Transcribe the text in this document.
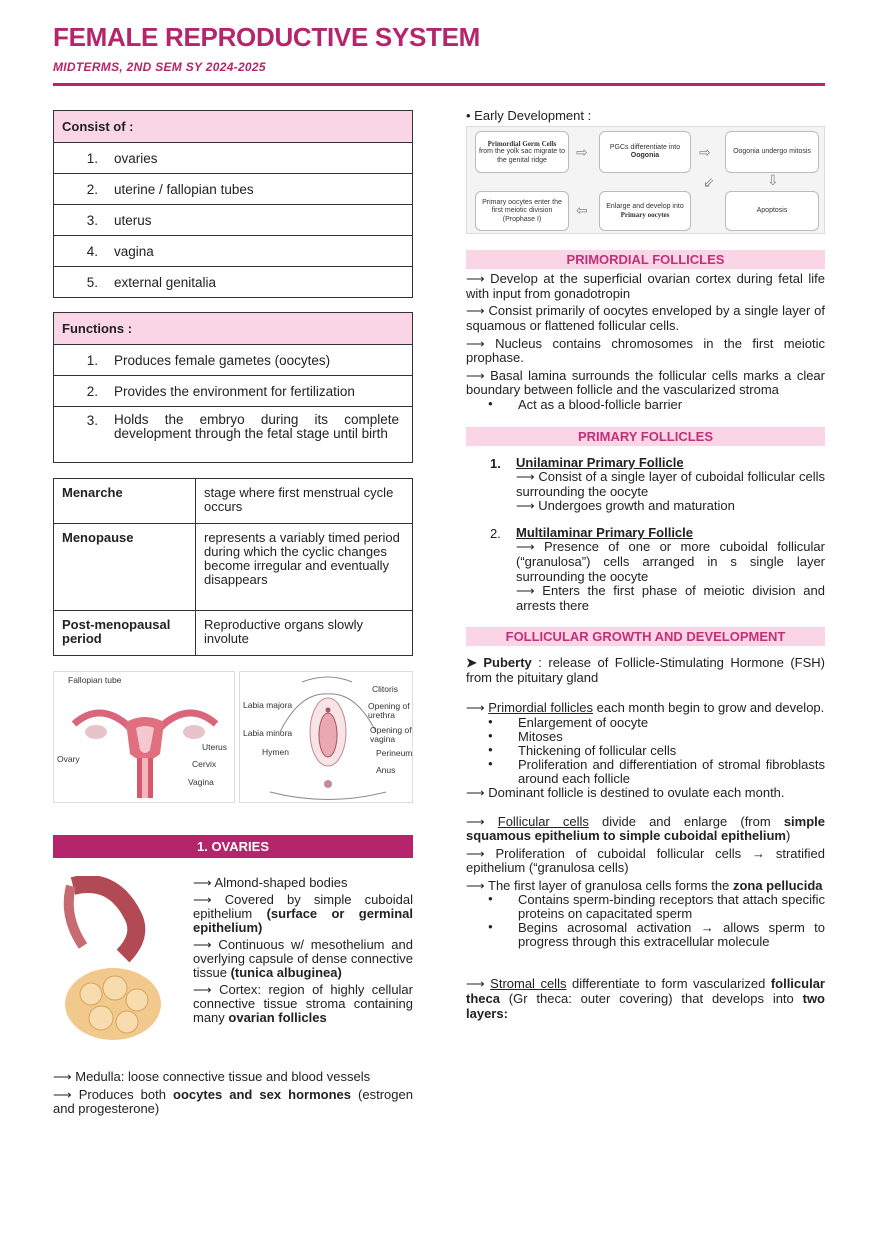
FEMALE REPRODUCTIVE SYSTEM
MIDTERMS, 2ND SEM SY 2024-2025
Consist of :
1. ovaries
2. uterine / fallopian tubes
3. uterus
4. vagina
5. external genitalia
Functions :
1. Produces female gametes (oocytes)
2. Provides the environment for fertilization
3. Holds the embryo during its complete development through the fetal stage until birth
Menarche	stage where first menstrual cycle occurs
Menopause	represents a variably timed period during which the cyclic changes become irregular and eventually disappears
Post-menopausal period	Reproductive organs slowly involute
Fallopian tube
Uterus
Ovary	Cervix
Vagina
Clitoris
Labia majora	Opening of urethra
Labia minora	Opening of vagina
Hymen	Perineum
Anus
1. OVARIES

⟶ Almond-shaped bodies

⟶ Covered by simple cuboidal epithelium (surface or germinal epithelium)

⟶ Continuous w/ mesothelium and overlying capsule of dense connective tissue (tunica albuginea)

⟶ Cortex: region of highly cellular connective tissue stroma containing many ovarian follicles

⟶ Medulla: loose connective tissue and blood vessels

⟶ Produces both oocytes and sex hormones (estrogen and progesterone)

• Early Development :
Primordial Germ Cells
from the yolk sac migrate to the genital ridge	⇨	PGCs differentiate into
Oogonia	⇨	Oogonia undergo mitosis
⇩
⇙
Primary oocytes enter the first meiotic division (Prophase I)
⇦	Enlarge and develop into
Primary oocytes
Apoptosis
PRIMORDIAL FOLLICLES

⟶ Develop at the superficial ovarian cortex during fetal life with input from gonadotropin

⟶ Consist primarily of oocytes enveloped by a single layer of squamous or flattened follicular cells.

⟶ Nucleus contains chromosomes in the first meiotic prophase.

⟶ Basal lamina surrounds the follicular cells marks a clear boundary between follicle and the vascularized stroma

● Act as a blood-follicle barrier
PRIMARY FOLLICLES
1.	Unilaminar Primary Follicle

⟶ Consist of a single layer of cuboidal follicular cells surrounding the oocyte

⟶ Undergoes growth and maturation

2.	Multilaminar Primary Follicle

⟶ Presence of one or more cuboidal follicular (“granulosa”) cells arranged in s single layer surrounding the oocyte

⟶ Enters the first phase of meiotic division and arrests there

FOLLICULAR GROWTH AND DEVELOPMENT

➤ Puberty : release of Follicle-Stimulating Hormone (FSH) from the pituitary gland

⟶ Primordial follicles each month begin to grow and develop.

● Enlargement of oocyte
● Mitoses
● Thickening of follicular cells
● Proliferation and differentiation of stromal fibroblasts around each follicle

⟶ Dominant follicle is destined to ovulate each month.

⟶ Follicular cells divide and enlarge (from simple squamous epithelium to simple cuboidal epithelium)

⟶ Proliferation of cuboidal follicular cells → stratified epithelium (“granulosa cells)

⟶ The first layer of granulosa cells forms the zona pellucida

● Contains sperm-binding receptors that attach specific proteins on capacitated sperm
● Begins acrosomal activation → allows sperm to progress through this extracellular molecule

⟶ Stromal cells differentiate to form vascularized follicular theca (Gr theca: outer covering) that develops into two layers:
